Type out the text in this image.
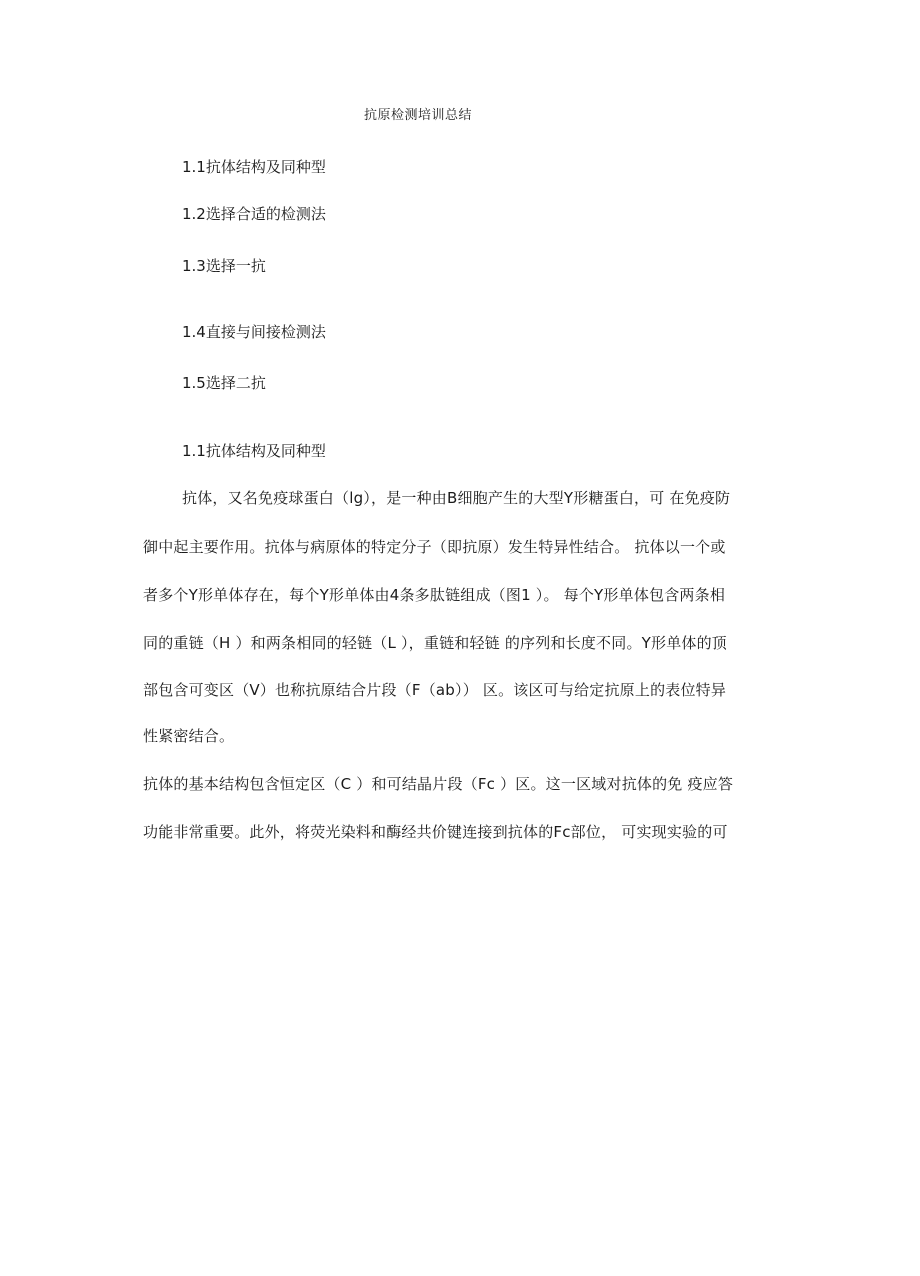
抗原检测培训总结
1.1抗体结构及同种型
1.2选择合适的检测法
1.3选择一抗
1.4直接与间接检测法
1.5选择二抗
1.1抗体结构及同种型
抗体，又名免疫球蛋白（lg），是一种由B细胞产生的大型Y形糖蛋白，可 在免疫防
御中起主要作用。抗体与病原体的特定分子（即抗原）发生特异性结合。 抗体以一个或
者多个Y形单体存在，每个Y形单体由4条多肽链组成（图1 ）。 每个Y形单体包含两条相
同的重链（H ）和两条相同的轻链（L ），重链和轻链 的序列和长度不同。Y形单体的顶
部包含可变区（V）也称抗原结合片段（F（ab）） 区。该区可与给定抗原上的表位特异
性紧密结合。
抗体的基本结构包含恒定区（C ）和可结晶片段（Fc ）区。这一区域对抗体的免 疫应答
功能非常重要。此外，将荧光染料和酶经共价键连接到抗体的Fc部位， 可实现实验的可
